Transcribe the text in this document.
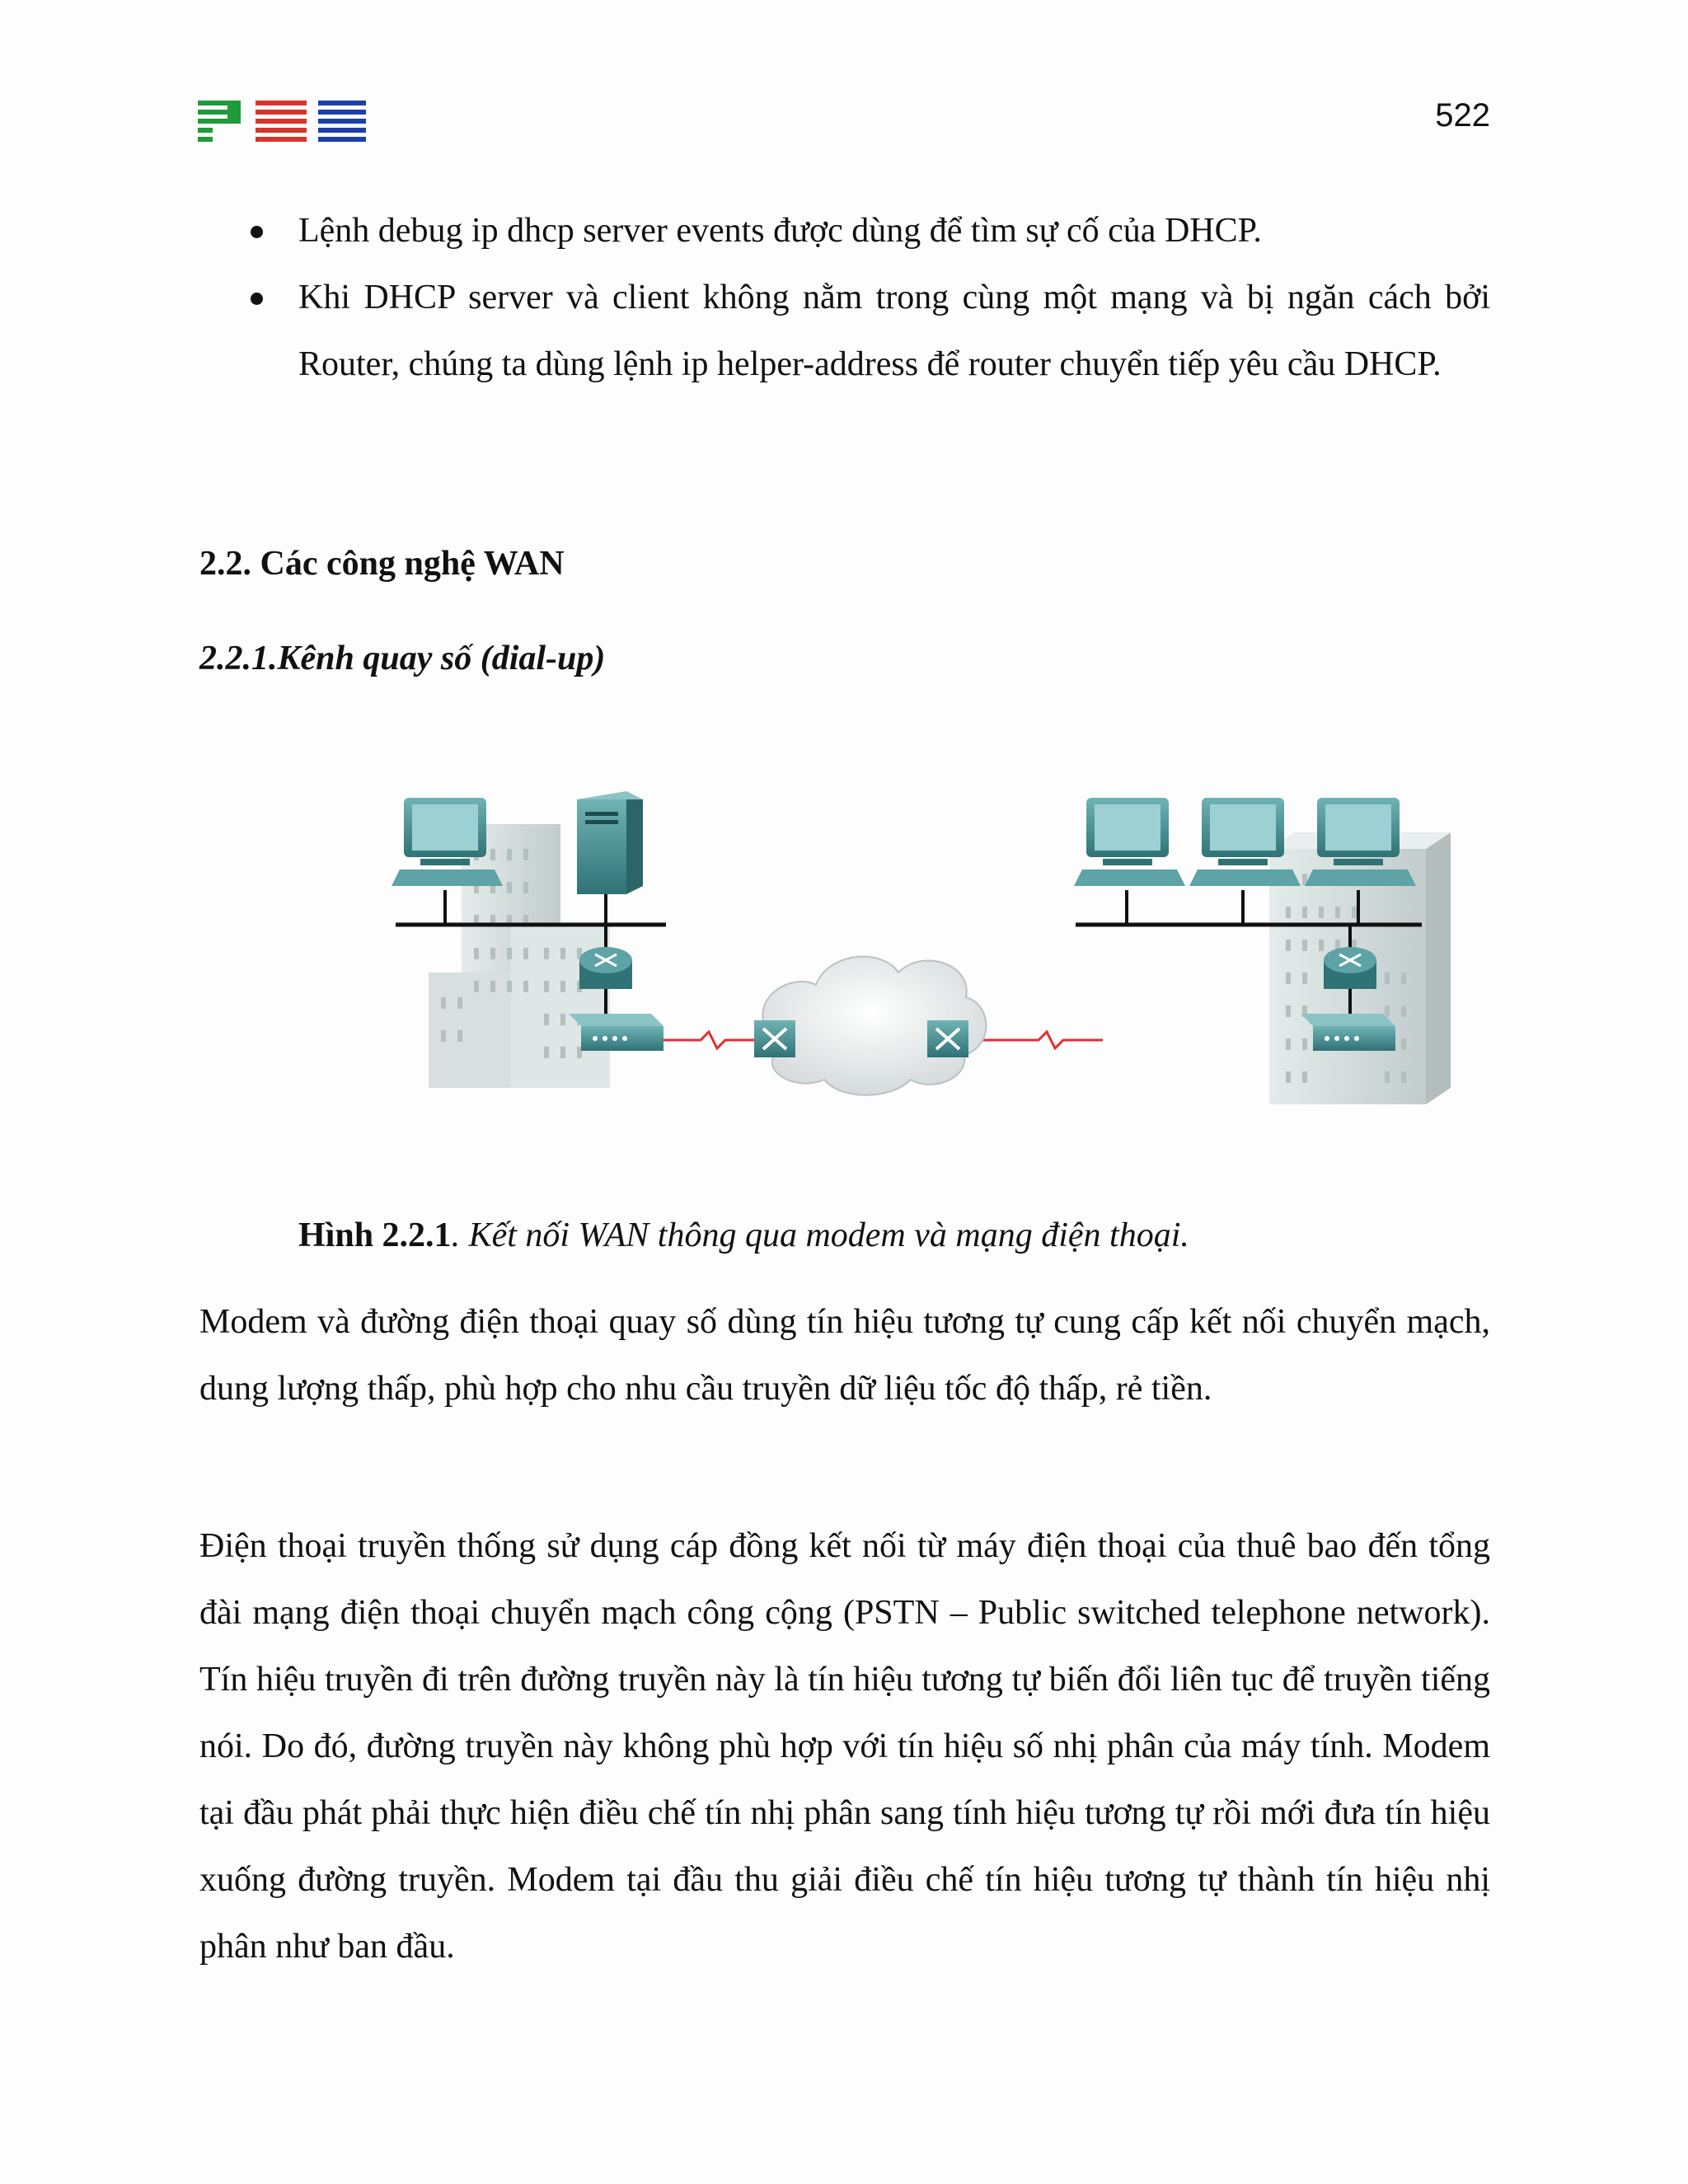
522
Lệnh debug ip dhcp server events được dùng để tìm sự cố của DHCP.
Khi DHCP server và client không nằm trong cùng một mạng và bị ngăn cách bởi Router, chúng ta dùng lệnh ip helper-address để router chuyển tiếp yêu cầu DHCP.
2.2. Các công nghệ WAN
2.2.1.Kênh quay số (dial-up)
Hình 2.2.1. Kết nối WAN thông qua modem và mạng điện thoại.

Modem và đường điện thoại quay số dùng tín hiệu tương tự cung cấp kết nối chuyển mạch, dung lượng thấp, phù hợp cho nhu cầu truyền dữ liệu tốc độ thấp, rẻ tiền.

Điện thoại truyền thống sử dụng cáp đồng kết nối từ máy điện thoại của thuê bao đến tổng đài mạng điện thoại chuyển mạch công cộng (PSTN – Public switched telephone network). Tín hiệu truyền đi trên đường truyền này là tín hiệu tương tự biến đổi liên tục để truyền tiếng nói. Do đó, đường truyền này không phù hợp với tín hiệu số nhị phân của máy tính. Modem tại đầu phát phải thực hiện điều chế tín nhị phân sang tính hiệu tương tự rồi mới đưa tín hiệu xuống đường truyền. Modem tại đầu thu giải điều chế tín hiệu tương tự thành tín hiệu nhị phân như ban đầu.
